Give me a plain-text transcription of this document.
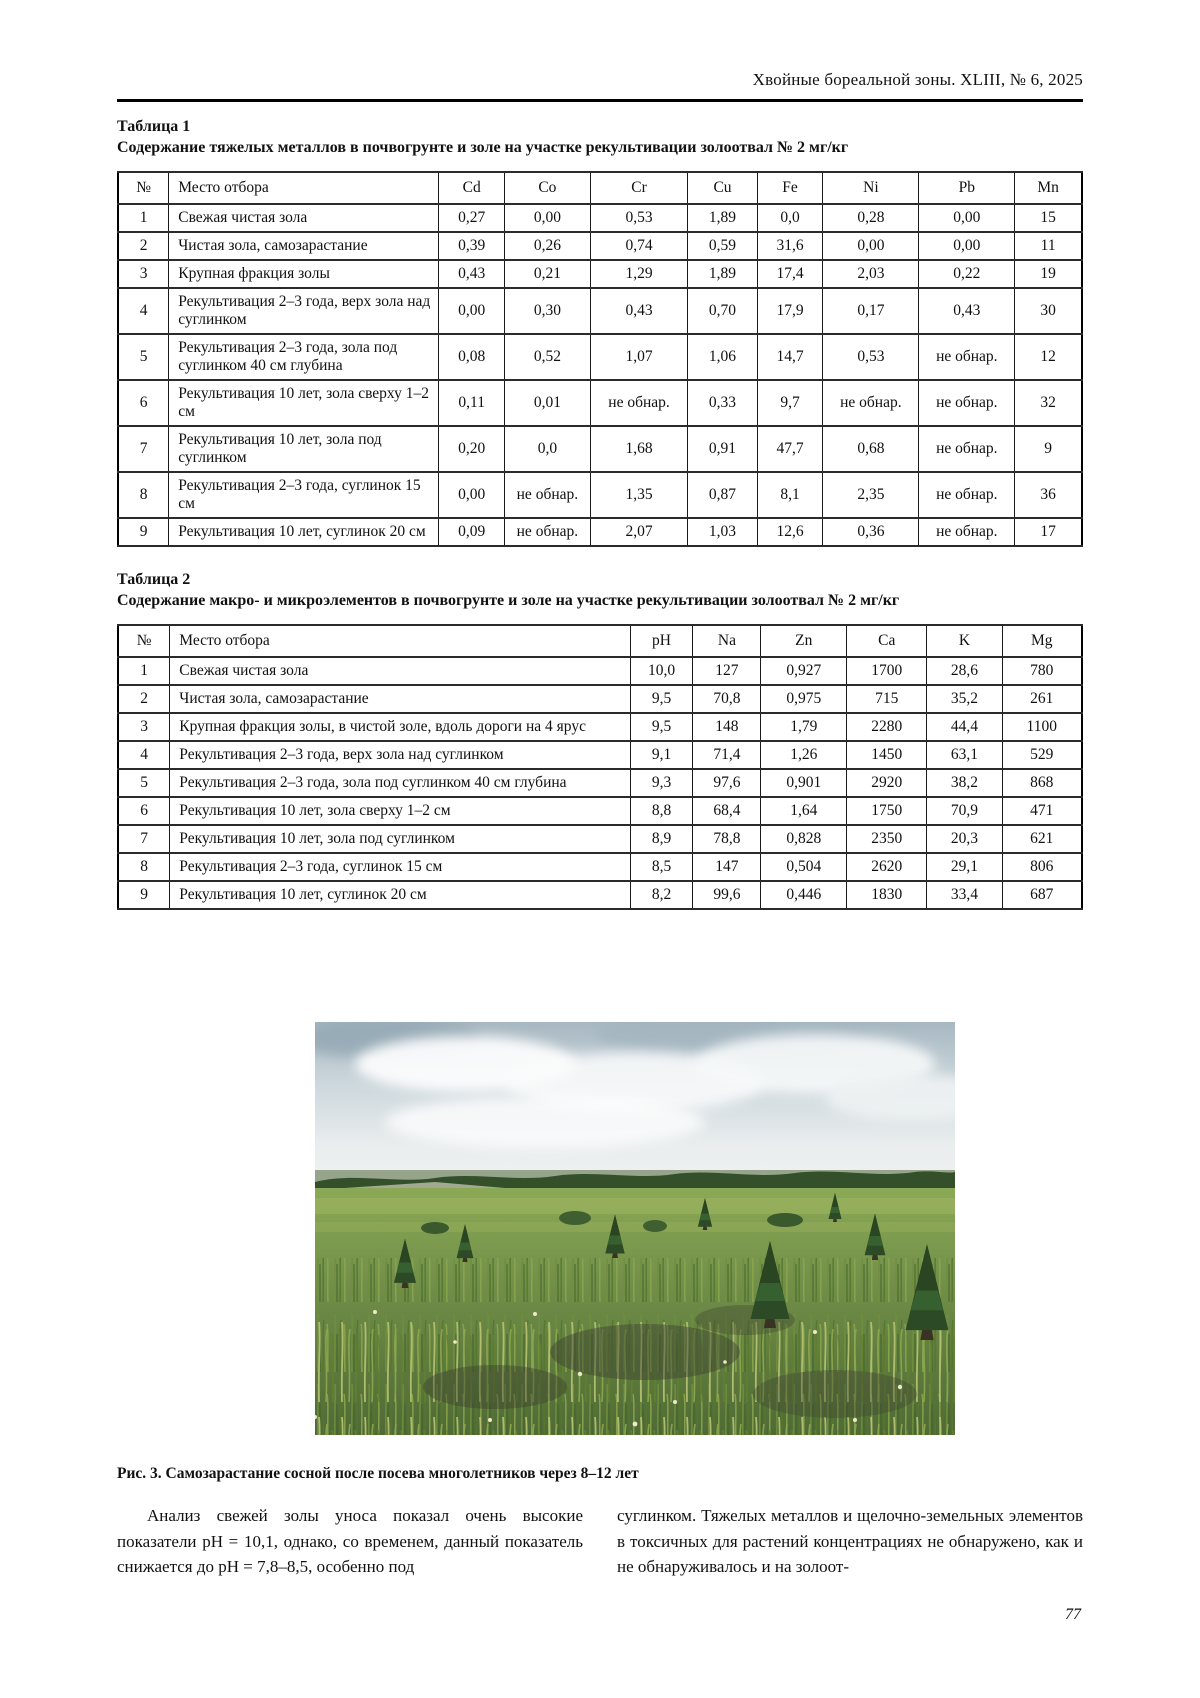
Хвойные бореальной зоны. XLIII, № 6, 2025
Таблица 1
Содержание тяжелых металлов в почвогрунте и золе на участке рекультивации золоотвал № 2 мг/кг
№	Место отбора	Cd	Co	Cr	Cu	Fe	Ni	Pb	Mn
1	Свежая чистая зола	0,27	0,00	0,53	1,89	0,0	0,28	0,00	15
2	Чистая зола, самозарастание	0,39	0,26	0,74	0,59	31,6	0,00	0,00	11
3	Крупная фракция золы	0,43	0,21	1,29	1,89	17,4	2,03	0,22	19
4	Рекультивация 2–3 года, верх зола над суглинком	0,00	0,30	0,43	0,70	17,9	0,17	0,43	30
5	Рекультивация 2–3 года, зола под суглинком 40 см глубина	0,08	0,52	1,07	1,06	14,7	0,53	не обнар.	12
6	Рекультивация 10 лет, зола сверху 1–2 см	0,11	0,01	не обнар.	0,33	9,7	не обнар.	не обнар.	32
7	Рекультивация 10 лет, зола под суглинком	0,20	0,0	1,68	0,91	47,7	0,68	не обнар.	9
8	Рекультивация 2–3 года, суглинок 15 см	0,00	не обнар.	1,35	0,87	8,1	2,35	не обнар.	36
9	Рекультивация 10 лет, суглинок 20 см	0,09	не обнар.	2,07	1,03	12,6	0,36	не обнар.	17
Таблица 2
Содержание макро- и микроэлементов в почвогрунте и золе на участке рекультивации золоотвал № 2 мг/кг
№	Место отбора	pH	Na	Zn	Ca	K	Mg
1	Свежая чистая зола	10,0	127	0,927	1700	28,6	780
2	Чистая зола, самозарастание	9,5	70,8	0,975	715	35,2	261
3	Крупная фракция золы, в чистой золе, вдоль дороги на 4 ярус	9,5	148	1,79	2280	44,4	1100
4	Рекультивация 2–3 года, верх зола над суглинком	9,1	71,4	1,26	1450	63,1	529
5	Рекультивация 2–3 года, зола под суглинком 40 см глубина	9,3	97,6	0,901	2920	38,2	868
6	Рекультивация 10 лет, зола сверху 1–2 см	8,8	68,4	1,64	1750	70,9	471
7	Рекультивация 10 лет, зола под суглинком	8,9	78,8	0,828	2350	20,3	621
8	Рекультивация 2–3 года, суглинок 15 см	8,5	147	0,504	2620	29,1	806
9	Рекультивация 10 лет, суглинок 20 см	8,2	99,6	0,446	1830	33,4	687
Рис. 3. Самозарастание сосной после посева многолетников через 8–12 лет

Анализ свежей золы уноса показал очень высокие показатели pH = 10,1, однако, со временем, данный показатель снижается до pH = 7,8–8,5, особенно под

суглинком. Тяжелых металлов и щелочно-земельных элементов в токсичных для растений концентрациях не обнаружено, как и не обнаруживалось и на золоот-

77
